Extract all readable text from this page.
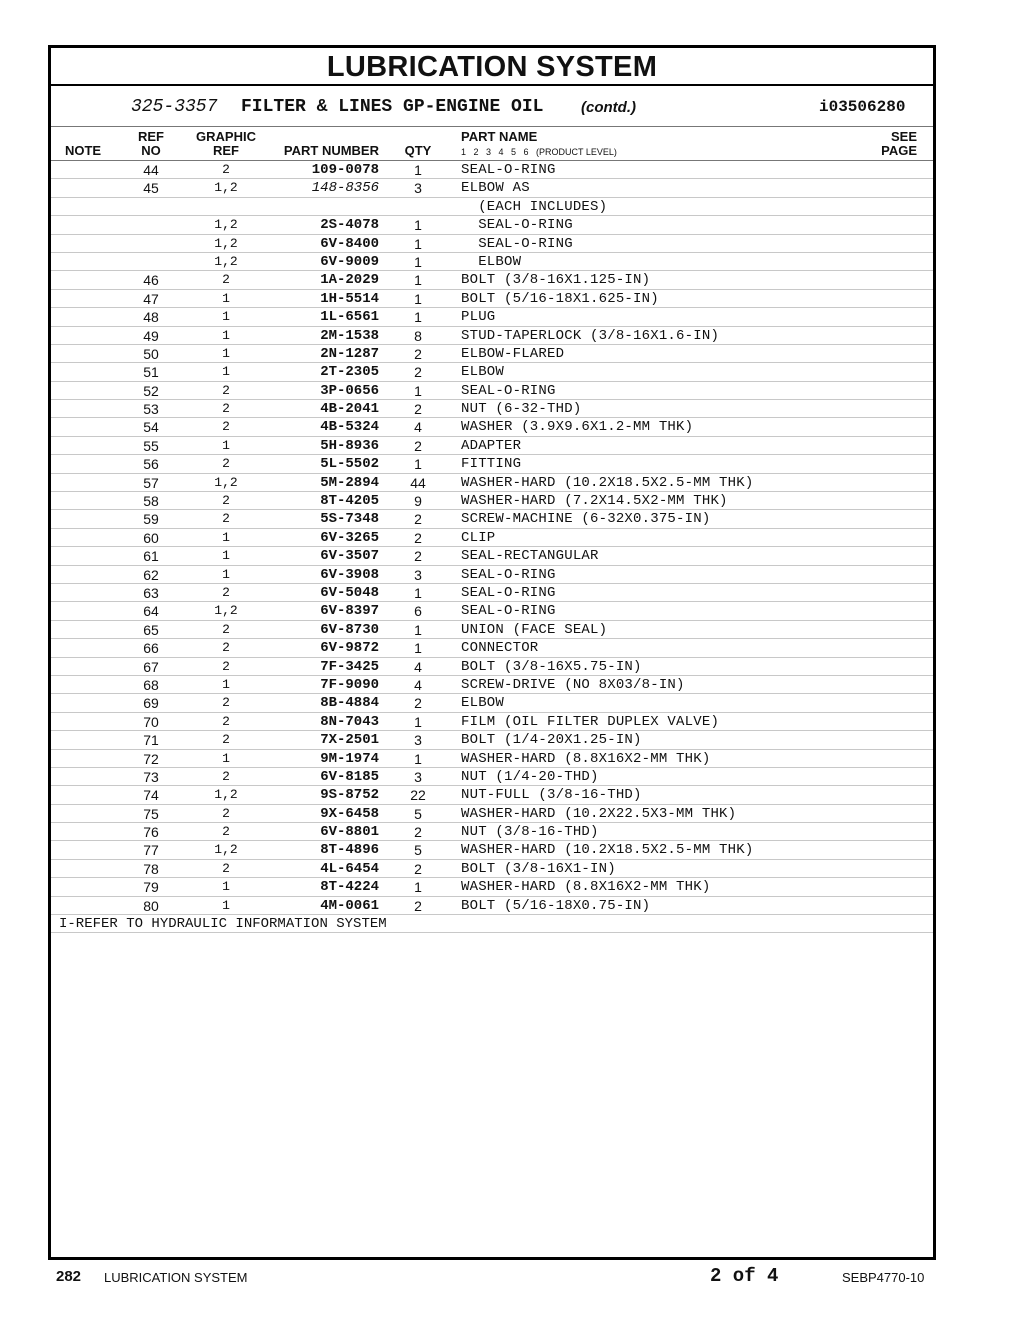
LUBRICATION SYSTEM
325-3357 FILTER & LINES GP-ENGINE OIL	(contd.)	i03506280
NOTE
REF
NO
GRAPHIC
REF	PART NUMBER QTY
PART NAME
1   2   3   4   5   6   (PRODUCT LEVEL)
SEE
PAGE
44	2	109-0078	1	SEAL-O-RING
45	1,2	148-8356	3	ELBOW AS
(EACH INCLUDES)
1,2	2S-4078	1	SEAL-O-RING
1,2	6V-8400	1	SEAL-O-RING
1,2	6V-9009	1	ELBOW
46	2	1A-2029	1	BOLT (3/8-16X1.125-IN)
47	1	1H-5514	1	BOLT (5/16-18X1.625-IN)
48	1	1L-6561	1	PLUG
49	1	2M-1538	8	STUD-TAPERLOCK (3/8-16X1.6-IN)
50	1	2N-1287	2	ELBOW-FLARED
51	1	2T-2305	2	ELBOW
52	2	3P-0656	1	SEAL-O-RING
53	2	4B-2041	2	NUT (6-32-THD)
54	2	4B-5324	4	WASHER (3.9X9.6X1.2-MM THK)
55	1	5H-8936	2	ADAPTER
56	2	5L-5502	1	FITTING
57	1,2	5M-2894	44	WASHER-HARD (10.2X18.5X2.5-MM THK)
58	2	8T-4205	9	WASHER-HARD (7.2X14.5X2-MM THK)
59	2	5S-7348	2	SCREW-MACHINE (6-32X0.375-IN)
60	1	6V-3265	2	CLIP
61	1	6V-3507	2	SEAL-RECTANGULAR
62	1	6V-3908	3	SEAL-O-RING
63	2	6V-5048	1	SEAL-O-RING
64	1,2	6V-8397	6	SEAL-O-RING
65	2	6V-8730	1	UNION (FACE SEAL)
66	2	6V-9872	1	CONNECTOR
67	2	7F-3425	4	BOLT (3/8-16X5.75-IN)
68	1	7F-9090	4	SCREW-DRIVE (NO 8X03/8-IN)
69	2	8B-4884	2	ELBOW
70	2	8N-7043	1	FILM (OIL FILTER DUPLEX VALVE)
71	2	7X-2501	3	BOLT (1/4-20X1.25-IN)
72	1	9M-1974	1	WASHER-HARD (8.8X16X2-MM THK)
73	2	6V-8185	3	NUT (1/4-20-THD)
74	1,2	9S-8752	22	NUT-FULL (3/8-16-THD)
75	2	9X-6458	5	WASHER-HARD (10.2X22.5X3-MM THK)
76	2	6V-8801	2	NUT (3/8-16-THD)
77	1,2	8T-4896	5	WASHER-HARD (10.2X18.5X2.5-MM THK)
78	2	4L-6454	2	BOLT (3/8-16X1-IN)
79	1	8T-4224	1	WASHER-HARD (8.8X16X2-MM THK)
80	1	4M-0061	2	BOLT (5/16-18X0.75-IN)
I-REFER TO HYDRAULIC INFORMATION SYSTEM
282 LUBRICATION SYSTEM	2 of 4	SEBP4770-10
